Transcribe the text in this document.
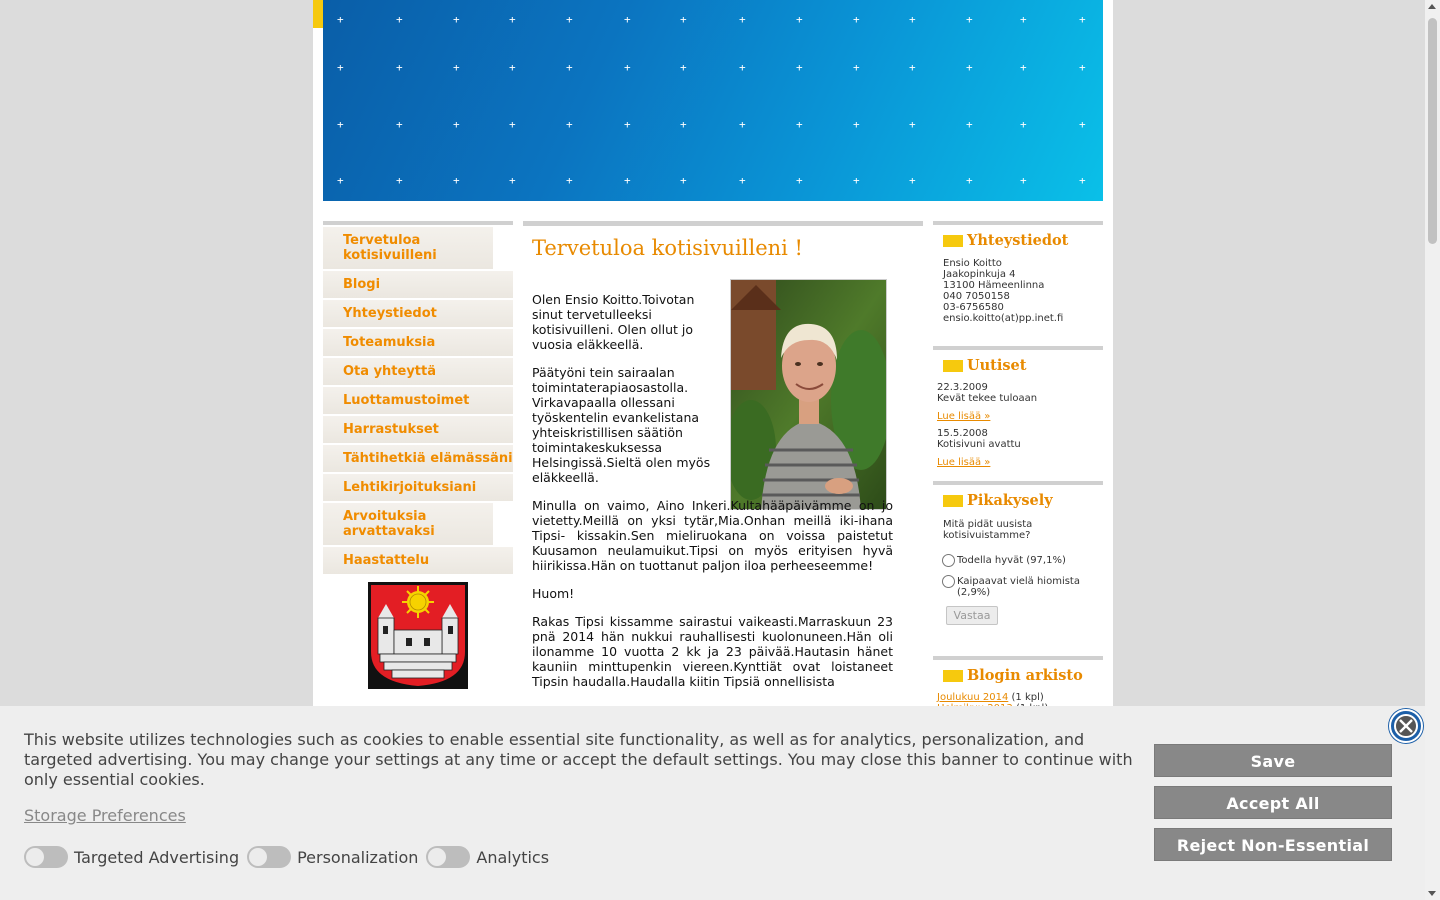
+	+	+	+	+	+	+	+	+	+	+	+	+	+
+	+	+	+	+	+	+	+	+	+	+	+	+	+
+	+	+	+	+	+	+	+	+	+	+	+	+	+
+	+	+	+	+	+	+	+	+	+	+	+	+	+
Tervetuloa kotisivuilleni
Blogi
Yhteystiedot
Toteamuksia
Ota yhteyttä
Luottamustoimet
Harrastukset
Tähtihetkiä elämässäni
Lehtikirjoituksiani
Arvoituksia arvattavaksi
Haastattelu
Tervetuloa kotisivuilleni !

Olen Ensio Koitto.Toivotan sinut tervetulleeksi kotisivuilleni. Olen ollut jo vuosia eläkkeellä.

Päätyöni tein sairaalan toimintaterapiaosastolla. Virkavapaalla ollessani työskentelin evankelistana yhteiskristillisen säätiön toimintakeskuksessa Helsingissä.Sieltä olen myös eläkkeellä.

Minulla on vaimo, Aino Inkeri.Kultahääpäivämme on jo vietetty.Meillä on yksi tytär,Mia.Onhan meillä iki-ihana Tipsi- kissakin.Sen mieliruokana on voissa paistetut Kuusamon neulamuikut.Tipsi on myös erityisen hyvä hiirikissa.Hän on tuottanut paljon iloa perheeseemme!

Huom!

Rakas Tipsi kissamme sairastui vaikeasti.Marraskuun 23 pnä 2014 hän nukkui rauhallisesti kuolonuneen.Hän oli ilonamme 10 vuotta 2 kk ja 23 päivää.Hautasin hänet kauniin minttupenkin viereen.Kynttiät ovat loistaneet Tipsin haudalla.Haudalla kiitin Tipsiä onnellisista

Yhteystiedot
Ensio Koitto
Jaakopinkuja 4
13100 Hämeenlinna
040 7050158
03-6756580
ensio.koitto(at)pp.inet.fi
Uutiset
22.3.2009
Kevät tekee tuloaan
Lue lisää »
15.5.2008
Kotisivuni avattu
Lue lisää »
Pikakysely
Mitä pidät uusista kotisivuistamme?
Todella hyvät (97,1%)
Kaipaavat vielä hiomista (2,9%)
Vastaa
Blogin arkisto
Joulukuu 2014 (1 kpl)
This website utilizes technologies such as cookies to enable essential site functionality, as well as for analytics, personalization, and targeted advertising. You may change your settings at any time or accept the default settings. You may close this banner to continue with only essential cookies.
Storage Preferences
Targeted Advertising	Personalization	Analytics
Save
Accept All
Reject Non-Essential
